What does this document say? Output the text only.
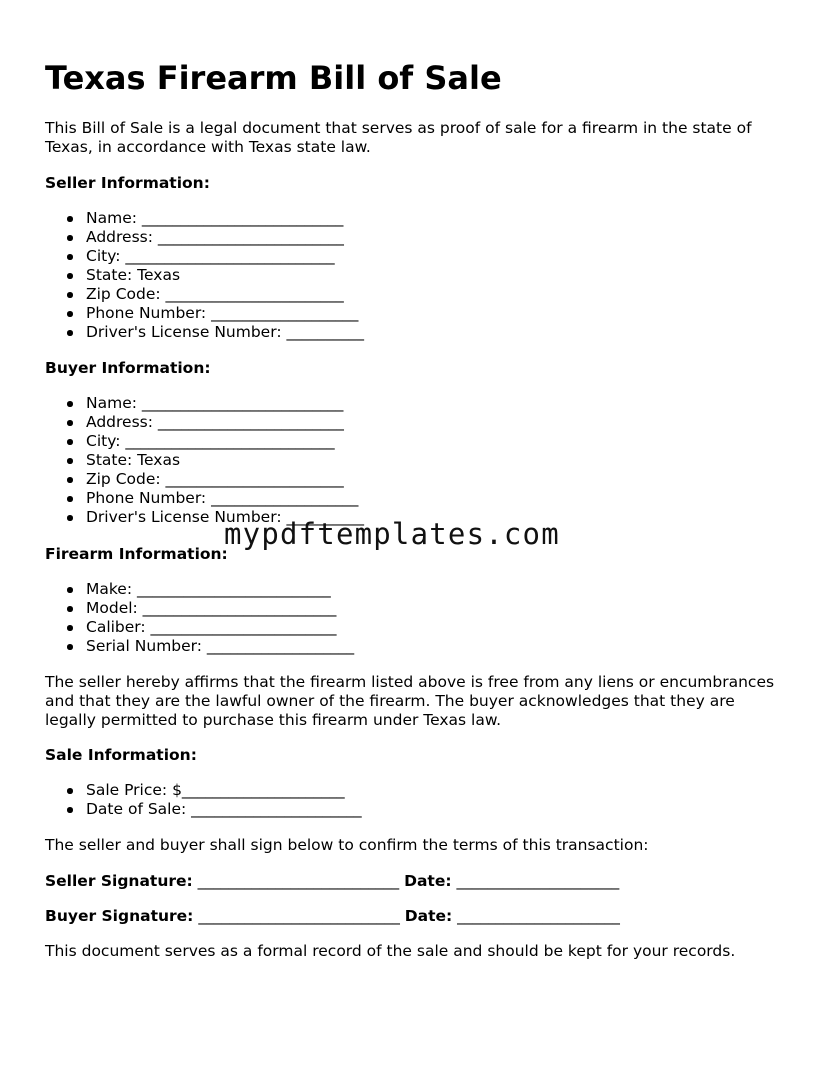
Texas Firearm Bill of Sale
This Bill of Sale is a legal document that serves as proof of sale for a firearm in the state of Texas, in accordance with Texas state law.
Seller Information:
Name: __________________________
Address: ________________________
City: ___________________________
State: Texas
Zip Code: _______________________
Phone Number: ___________________
Driver's License Number: __________
Buyer Information:
Name: __________________________
Address: ________________________
City: ___________________________
State: Texas
Zip Code: _______________________
Phone Number: ___________________
Driver's License Number: __________
Firearm Information:
Make: _________________________
Model: _________________________
Caliber: ________________________
Serial Number: ___________________
The seller hereby affirms that the firearm listed above is free from any liens or encumbrances and that they are the lawful owner of the firearm. The buyer acknowledges that they are legally permitted to purchase this firearm under Texas law.
Sale Information:
Sale Price: $_____________________
Date of Sale: ______________________
The seller and buyer shall sign below to confirm the terms of this transaction:
Seller Signature: __________________________ Date: _____________________
Buyer Signature: __________________________ Date: _____________________
This document serves as a formal record of the sale and should be kept for your records.
mypdftemplates.com
